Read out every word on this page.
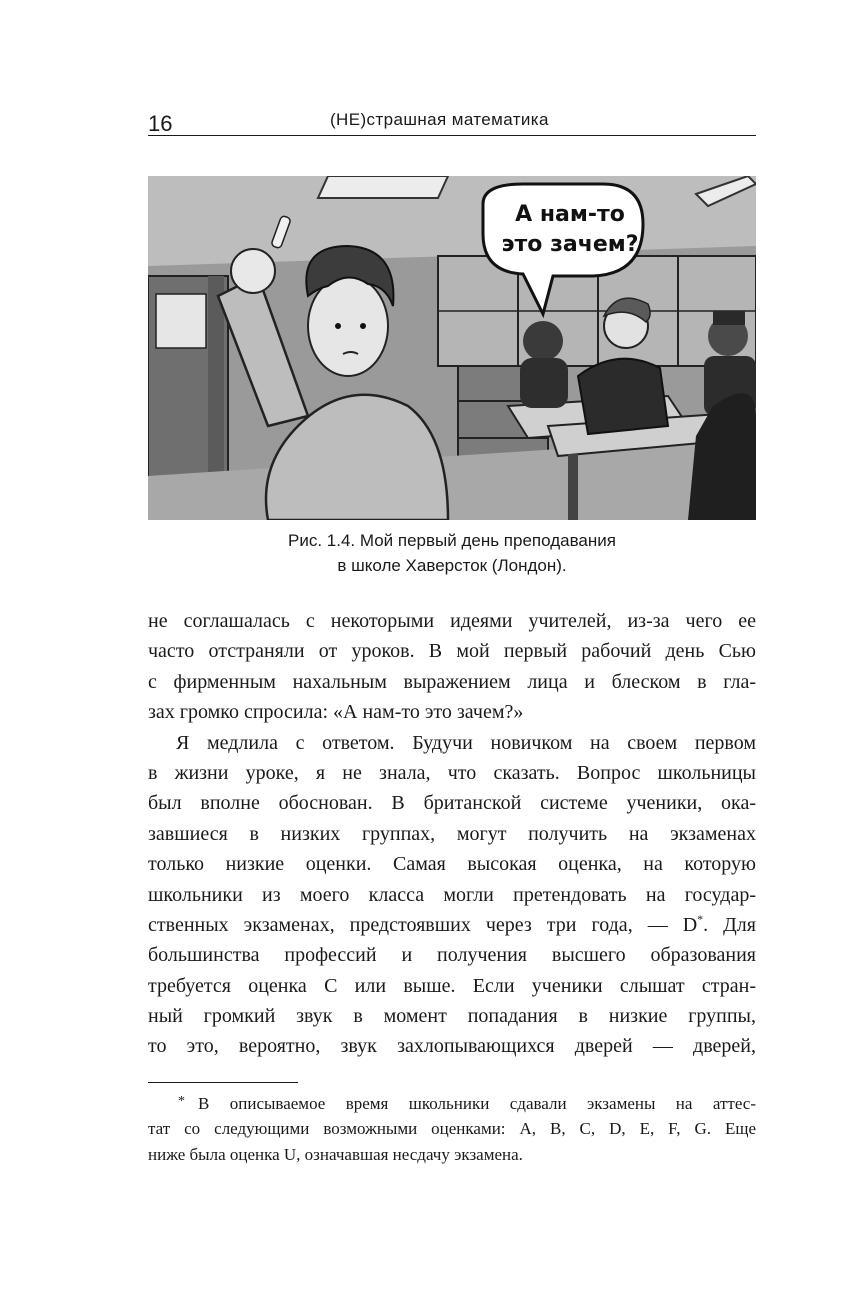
16	(НЕ)страшная математика
А нам-то
это зачем?
Рис. 1.4. Мой первый день преподавания
в школе Хаверсток (Лондон).
не соглашалась с некоторыми идеями учителей, из-за чего ее
часто отстраняли от уроков. В мой первый рабочий день Сью
с фирменным нахальным выражением лица и блеском в гла-
зах громко спросила: «А нам-то это зачем?»
Я медлила с ответом. Будучи новичком на своем первом
в жизни уроке, я не знала, что сказать. Вопрос школьницы
был вполне обоснован. В британской системе ученики, ока-
завшиеся в низких группах, могут получить на экзаменах
только низкие оценки. Самая высокая оценка, на которую
школьники из моего класса могли претендовать на государ-
ственных экзаменах, предстоявших через три года, — D*. Для
большинства профессий и получения высшего образования
требуется оценка С или выше. Если ученики слышат стран-
ный громкий звук в момент попадания в низкие группы,
то это, вероятно, звук захлопывающихся дверей — дверей,
* В описываемое время школьники сдавали экзамены на аттес-
тат со следующими возможными оценками: A, B, C, D, E, F, G. Еще
ниже была оценка U, означавшая несдачу экзамена.
